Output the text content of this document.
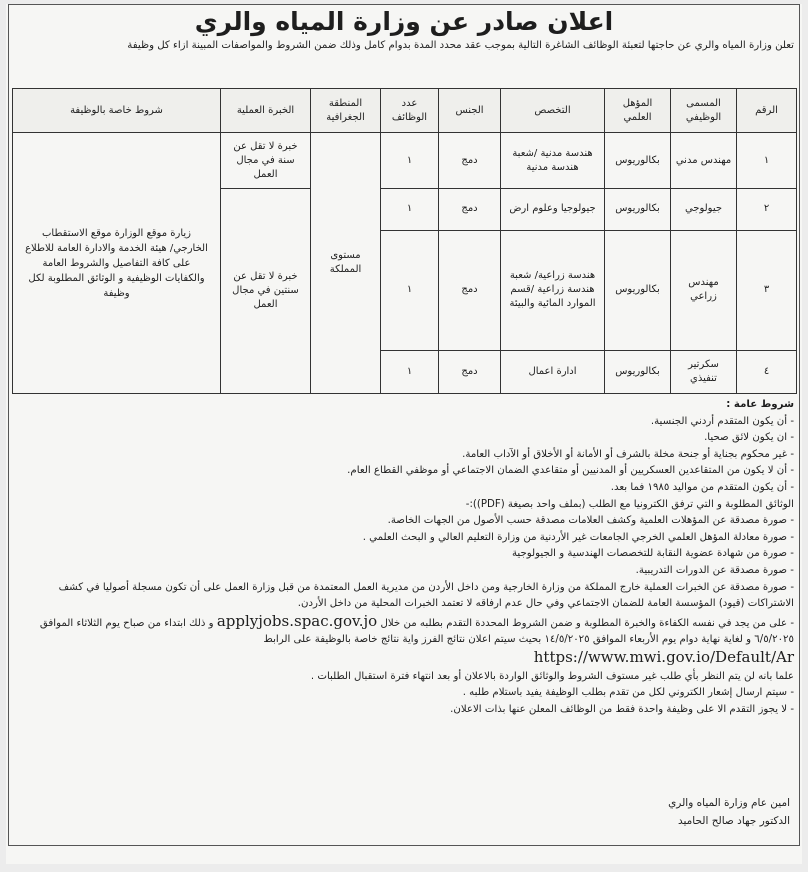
اعلان صادر عن وزارة المياه والري
تعلن وزارة المياه والري عن حاجتها لتعبئة الوظائف الشاغرة التالية بموجب عقد محدد المدة بدوام كامل وذلك ضمن الشروط والمواصفات المبينة ازاء كل وظيفة
الرقم	المسمى الوظيفي	المؤهل العلمي	التخصص	الجنس	عدد الوظائف	المنطقة الجغرافية	الخبرة العملية	شروط خاصة بالوظيفة
١	مهندس مدني	بكالوريوس	هندسة مدنية /شعبة هندسة مدنية	دمج	١	مستوى المملكة	خبرة لا تقل عن سنة في مجال العمل	زيارة موقع الوزارة موقع الاستقطاب الخارجي/ هيئة الخدمة والادارة العامة للاطلاع على كافة التفاصيل والشروط العامة والكفايات الوظيفية و الوثائق المطلوبة لكل وظيفة
٢	جيولوجي	بكالوريوس	جيولوجيا وعلوم ارض	دمج	١		خبرة لا تقل عن سنتين في مجال العمل	
٣	مهندس زراعي	بكالوريوس	هندسة زراعية/ شعبة هندسة زراعية /قسم الموارد المائية والبيئة	دمج	١			
٤	سكرتير تنفيذي	بكالوريوس	ادارة اعمال	دمج	١			

شروط عامة :

- أن يكون المتقدم أردني الجنسية.

- ان يكون لائق صحيا.

- غير محكوم بجناية أو جنحة مخلة بالشرف أو الأمانة أو الأخلاق أو الآداب العامة.

- أن لا يكون من المتقاعدين العسكريين أو المدنيين أو متقاعدي الضمان الاجتماعي أو موظفي القطاع العام.

- أن يكون المتقدم من مواليد ١٩٨٥ فما بعد.

الوثائق المطلوبة و التي ترفق الكترونيا مع الطلب (بملف واحد بصيغة (PDF)):-

- صورة مصدقة عن المؤهلات العلمية وكشف العلامات مصدقة حسب الأصول من الجهات الخاصة.

- صورة معادلة المؤهل العلمي الخرجي الجامعات غير الأردنية من وزارة التعليم العالي و البحث العلمي .

- صورة من شهادة عضوية النقابة للتخصصات الهندسية و الجيولوجية

- صورة مصدقة عن الدورات التدريبية.

- صورة مصدقة عن الخبرات العملية خارج المملكة من وزارة الخارجية ومن داخل الأردن من مديرية العمل المعتمدة من قبل وزارة العمل على أن تكون مسجلة أصوليا في كشف الاشتراكات (قيود) المؤسسة العامة للضمان الاجتماعي وفي حال عدم ارفاقه لا تعتمد الخبرات المحلية من داخل الأردن.

- على من يجد في نفسه الكفاءة والخبرة المطلوبة و ضمن الشروط المحددة التقدم بطلبه من خلال applyjobs.spac.gov.jo و ذلك ابتداء من صباح يوم الثلاثاء الموافق ٦/٥/٢٠٢٥ و لغاية نهاية دوام يوم الأربعاء الموافق ١٤/٥/٢٠٢٥ بحيث سيتم اعلان نتائج الفرز واية نتائج خاصة بالوظيفة على الرابط https://www.mwi.gov.io/Default/Ar

علما بانه لن يتم النظر بأي طلب غير مستوف الشروط والوثائق الواردة بالاعلان أو بعد انتهاء فترة استقبال الطلبات .

- سيتم ارسال إشعار الكتروني لكل من تقدم بطلب الوظيفة يفيد باستلام طلبه .

- لا يجوز التقدم الا على وظيفة واحدة فقط من الوظائف المعلن عنها بذات الاعلان.

امين عام وزارة المياه والري
الدكتور جهاد صالح الحاميد
